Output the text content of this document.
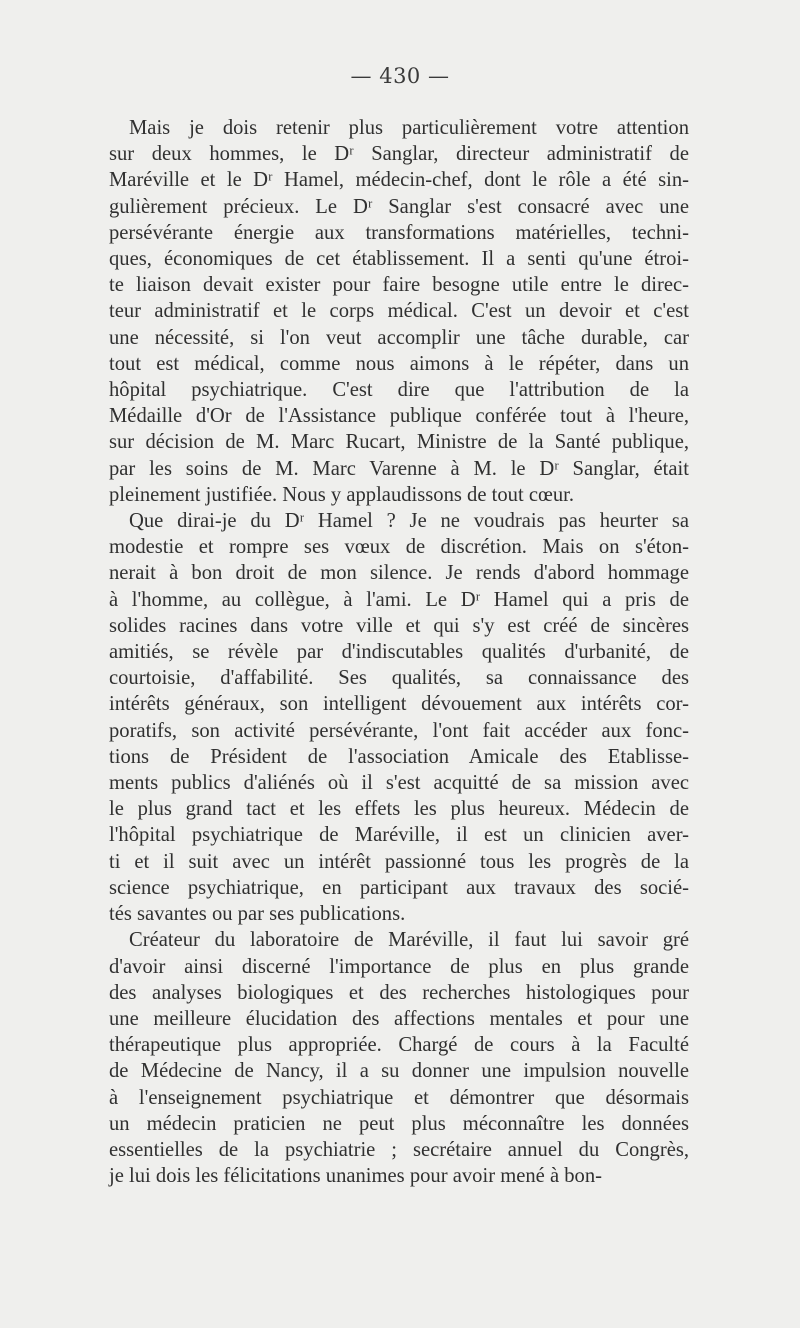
— 430 —
Mais je dois retenir plus particulièrement votre attention
sur deux hommes, le Dʳ Sanglar, directeur administratif de
Maréville et le Dʳ Hamel, médecin-chef, dont le rôle a été sin-
gulièrement précieux. Le Dʳ Sanglar s'est consacré avec une
persévérante énergie aux transformations matérielles, techni-
ques, économiques de cet établissement. Il a senti qu'une étroi-
te liaison devait exister pour faire besogne utile entre le direc-
teur administratif et le corps médical. C'est un devoir et c'est
une nécessité, si l'on veut accomplir une tâche durable, car
tout est médical, comme nous aimons à le répéter, dans un
hôpital psychiatrique. C'est dire que l'attribution de la
Médaille d'Or de l'Assistance publique conférée tout à l'heure,
sur décision de M. Marc Rucart, Ministre de la Santé publique,
par les soins de M. Marc Varenne à M. le Dʳ Sanglar, était
pleinement justifiée. Nous y applaudissons de tout cœur.
Que dirai-je du Dʳ Hamel ? Je ne voudrais pas heurter sa
modestie et rompre ses vœux de discrétion. Mais on s'éton-
nerait à bon droit de mon silence. Je rends d'abord hommage
à l'homme, au collègue, à l'ami. Le Dʳ Hamel qui a pris de
solides racines dans votre ville et qui s'y est créé de sincères
amitiés, se révèle par d'indiscutables qualités d'urbanité, de
courtoisie, d'affabilité. Ses qualités, sa connaissance des
intérêts généraux, son intelligent dévouement aux intérêts cor-
poratifs, son activité persévérante, l'ont fait accéder aux fonc-
tions de Président de l'association Amicale des Etablisse-
ments publics d'aliénés où il s'est acquitté de sa mission avec
le plus grand tact et les effets les plus heureux. Médecin de
l'hôpital psychiatrique de Maréville, il est un clinicien aver-
ti et il suit avec un intérêt passionné tous les progrès de la
science psychiatrique, en participant aux travaux des socié-
tés savantes ou par ses publications.
Créateur du laboratoire de Maréville, il faut lui savoir gré
d'avoir ainsi discerné l'importance de plus en plus grande
des analyses biologiques et des recherches histologiques pour
une meilleure élucidation des affections mentales et pour une
thérapeutique plus appropriée. Chargé de cours à la Faculté
de Médecine de Nancy, il a su donner une impulsion nouvelle
à l'enseignement psychiatrique et démontrer que désormais
un médecin praticien ne peut plus méconnaître les données
essentielles de la psychiatrie ; secrétaire annuel du Congrès,
je lui dois les félicitations unanimes pour avoir mené à bon-
